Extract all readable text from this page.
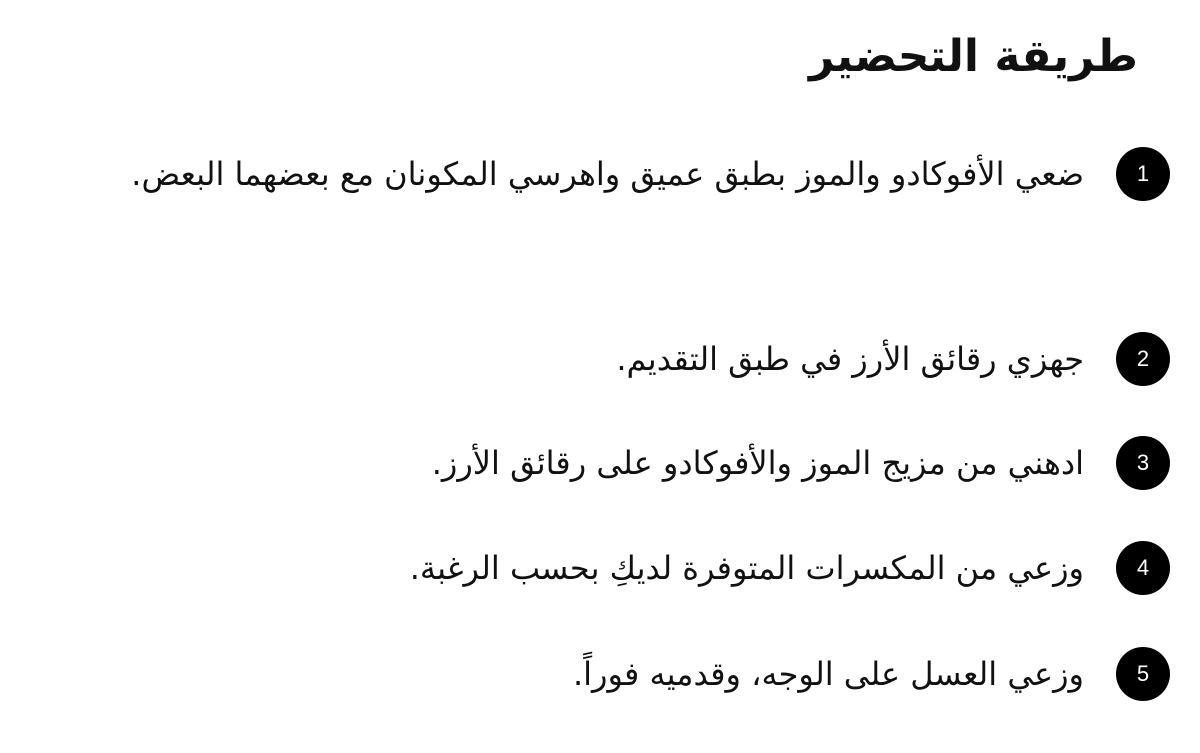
طريقة التحضير
1
ضعي الأفوكادو والموز بطبق عميق واهرسي المكونان مع بعضهما البعض.
2
جهزي رقائق الأرز في طبق التقديم.
3
ادهني من مزيج الموز والأفوكادو على رقائق الأرز.
4
وزعي من المكسرات المتوفرة لديكِ بحسب الرغبة.
5
وزعي العسل على الوجه، وقدميه فوراً.
